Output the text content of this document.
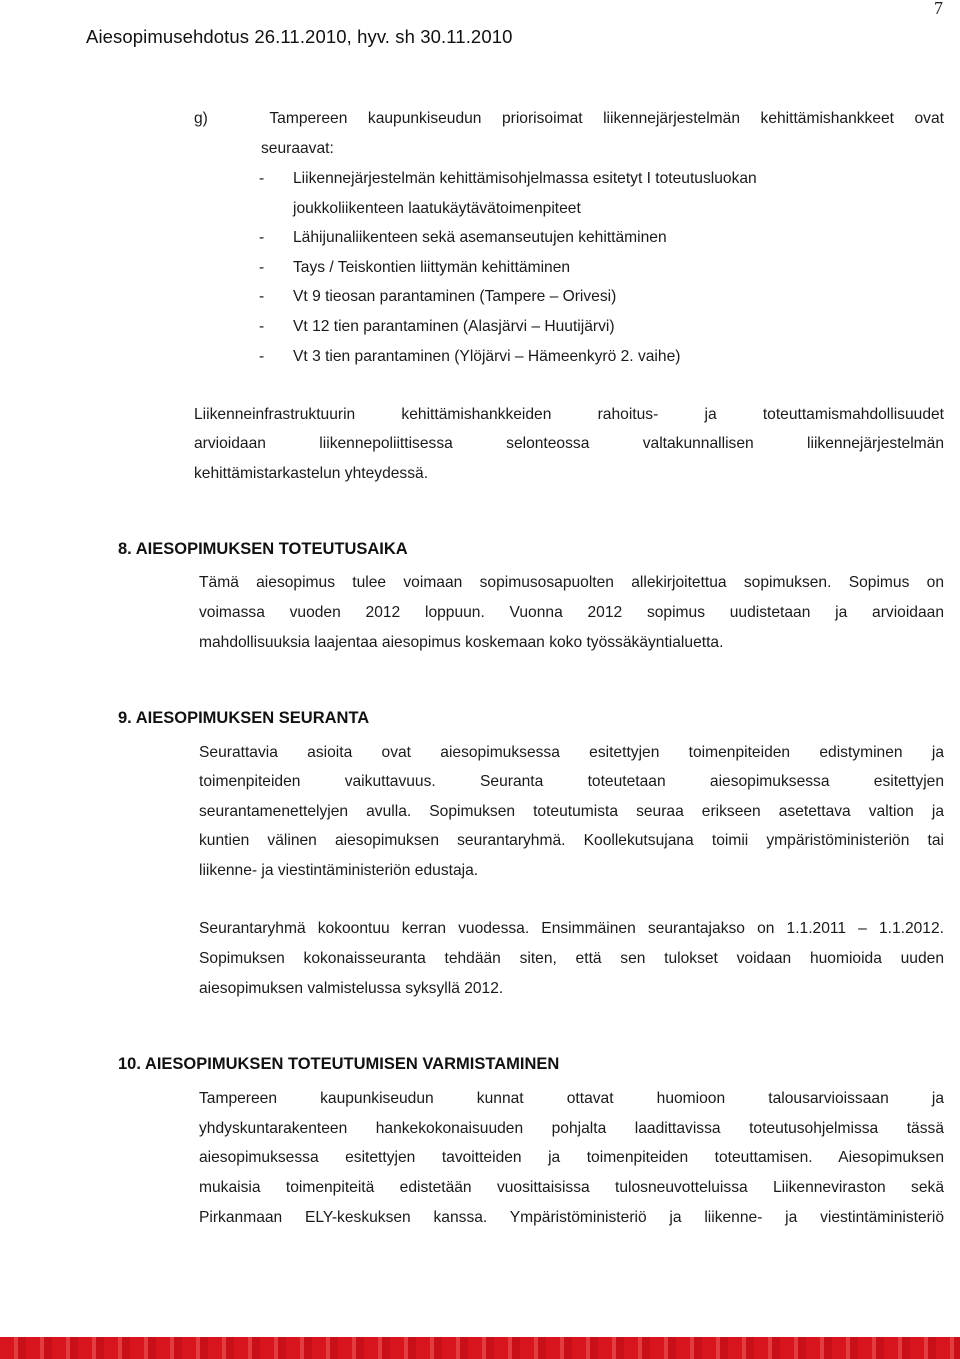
7
Aiesopimusehdotus 26.11.2010, hyv. sh 30.11.2010
g)   Tampereen kaupunkiseudun priorisoimat liikennejärjestelmän kehittämishankkeet ovat
seuraavat:
- Liikennejärjestelmän kehittämisohjelmassa esitetyt I toteutusluokan
joukkoliikenteen laatukäytävätoimenpiteet
- Lähijunaliikenteen sekä asemanseutujen kehittäminen
- Tays / Teiskontien liittymän kehittäminen
- Vt 9 tieosan parantaminen (Tampere – Orivesi)
- Vt 12 tien parantaminen (Alasjärvi – Huutijärvi)
- Vt 3 tien parantaminen (Ylöjärvi – Hämeenkyrö 2. vaihe)
Liikenneinfrastruktuurin kehittämishankkeiden rahoitus- ja toteuttamismahdollisuudet
arvioidaan liikennepoliittisessa selonteossa valtakunnallisen liikennejärjestelmän
kehittämistarkastelun yhteydessä.
8. AIESOPIMUKSEN TOTEUTUSAIKA
Tämä aiesopimus tulee voimaan sopimusosapuolten allekirjoitettua sopimuksen. Sopimus on
voimassa vuoden 2012 loppuun. Vuonna 2012 sopimus uudistetaan ja arvioidaan
mahdollisuuksia laajentaa aiesopimus koskemaan koko työssäkäyntialuetta.
9. AIESOPIMUKSEN SEURANTA
Seurattavia asioita ovat aiesopimuksessa esitettyjen toimenpiteiden edistyminen ja
toimenpiteiden vaikuttavuus. Seuranta toteutetaan aiesopimuksessa esitettyjen
seurantamenettelyjen avulla. Sopimuksen toteutumista seuraa erikseen asetettava valtion ja
kuntien välinen aiesopimuksen seurantaryhmä. Koollekutsujana toimii ympäristöministeriön tai
liikenne- ja viestintäministeriön edustaja.
Seurantaryhmä kokoontuu kerran vuodessa. Ensimmäinen seurantajakso on 1.1.2011 – 1.1.2012.
Sopimuksen kokonaisseuranta tehdään siten, että sen tulokset voidaan huomioida uuden
aiesopimuksen valmistelussa syksyllä 2012.
10. AIESOPIMUKSEN TOTEUTUMISEN VARMISTAMINEN
Tampereen kaupunkiseudun kunnat ottavat huomioon talousarvioissaan ja
yhdyskuntarakenteen hankekokonaisuuden pohjalta laadittavissa toteutusohjelmissa tässä
aiesopimuksessa esitettyjen tavoitteiden ja toimenpiteiden toteuttamisen. Aiesopimuksen
mukaisia toimenpiteitä edistetään vuosittaisissa tulosneuvotteluissa Liikenneviraston sekä
Pirkanmaan ELY-keskuksen kanssa. Ympäristöministeriö ja liikenne- ja viestintäministeriö
